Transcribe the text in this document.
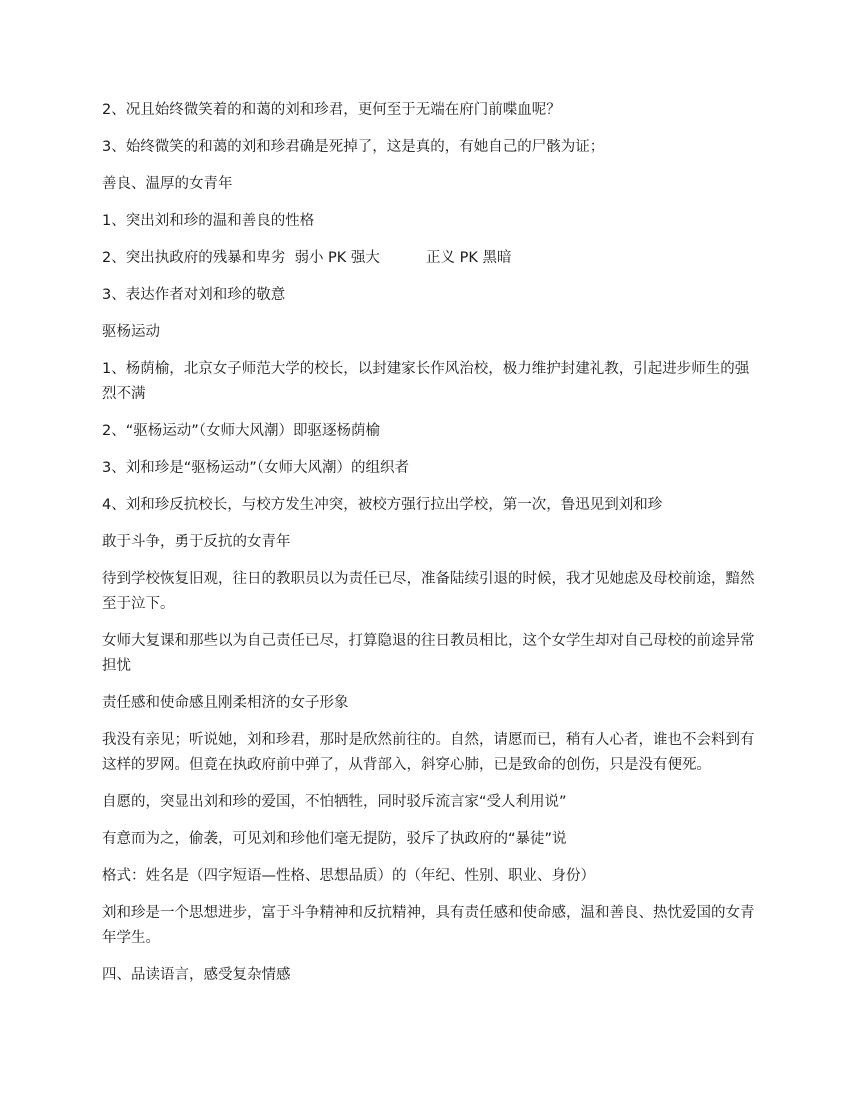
2、况且始终微笑着的和蔼的刘和珍君，更何至于无端在府门前喋血呢？

3、始终微笑的和蔼的刘和珍君确是死掉了，这是真的，有她自己的尸骸为证；

善良、温厚的女青年

1、突出刘和珍的温和善良的性格

2、突出执政府的残暴和卑劣  弱小 PK 强大          正义 PK 黑暗

3、表达作者对刘和珍的敬意

驱杨运动

1、杨荫榆，北京女子师范大学的校长，以封建家长作风治校，极力维护封建礼教，引起进步师生的强烈不满

2、“驱杨运动”（女师大风潮）即驱逐杨荫榆

3、刘和珍是“驱杨运动”（女师大风潮）的组织者

4、刘和珍反抗校长，与校方发生冲突，被校方强行拉出学校，第一次，鲁迅见到刘和珍

敢于斗争，勇于反抗的女青年

待到学校恢复旧观，往日的教职员以为责任已尽，准备陆续引退的时候，我才见她虑及母校前途，黯然至于泣下。

女师大复课和那些以为自己责任已尽，打算隐退的往日教员相比，这个女学生却对自己母校的前途异常担忧

责任感和使命感且刚柔相济的女子形象

我没有亲见；听说她，刘和珍君，那时是欣然前往的。自然，请愿而已，稍有人心者，谁也不会料到有这样的罗网。但竟在执政府前中弹了，从背部入，斜穿心肺，已是致命的创伤，只是没有便死。

自愿的，突显出刘和珍的爱国，不怕牺牲，同时驳斥流言家“受人利用说”

有意而为之，偷袭，可见刘和珍他们毫无提防，驳斥了执政府的“暴徒”说

格式：姓名是（四字短语—性格、思想品质）的（年纪、性别、职业、身份）

刘和珍是一个思想进步，富于斗争精神和反抗精神，具有责任感和使命感，温和善良、热忱爱国的女青年学生。

四、品读语言，感受复杂情感
